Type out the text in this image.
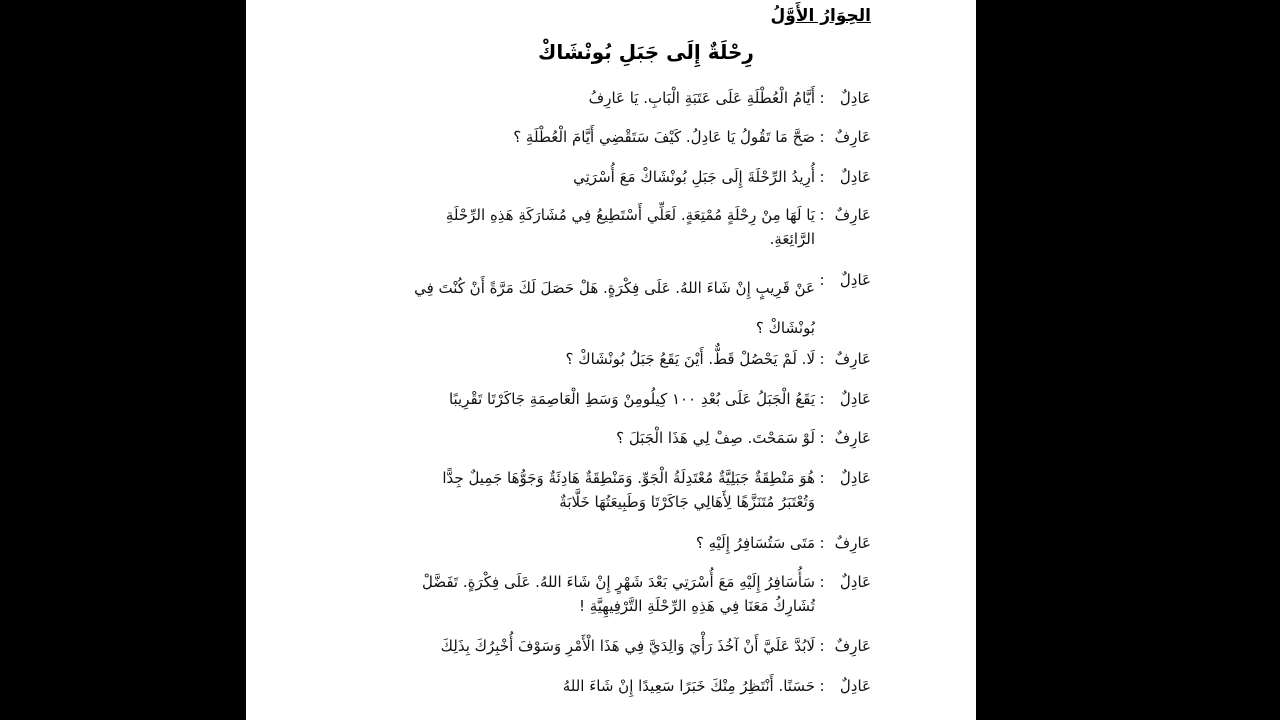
الحِوَارُ الأَوَّلُ
رِحْلَةٌ إِلَى جَبَلِ بُونْشَاكْ
عَادِلٌ
:
أَيَّامُ الْعُطْلَةِ عَلَى عَتَبَةِ الْبَابِ. يَا عَارِفُ
عَارِفٌ
:
صَحَّ مَا تَقُولُ يَا عَادِلُ. كَيْفَ سَتَقْضِي أَيَّامَ الْعُطْلَةِ ؟
عَادِلٌ
:
أُرِيدُ الرِّحْلَةَ إِلَى جَبَلِ بُونْشَاكْ مَعَ أُسْرَتِي
عَارِفٌ
:
يَا لَهَا مِنْ رِحْلَةٍ مُمْتِعَةٍ. لَعَلِّي أَسْتَطِيعُ فِي مُشَارَكَةِ هَذِهِ الرِّحْلَةِ الرَّائِعَةِ.
عَادِلٌ
:
عَنْ قَرِيبٍ إِنْ شَاءَ اللهُ. عَلَى فِكْرَةٍ. هَلْ حَصَلَ لَكَ مَرَّةً أَنْ كُنْتَ فِي بُونْشَاكْ ؟
عَارِفٌ
:
لَا. لَمْ يَحْصُلْ قَطٌّ. أَيْنَ يَقَعُ جَبَلُ بُونْشَاكْ ؟
عَادِلٌ
:
يَقَعُ الْجَبَلُ عَلَى بُعْدِ ١٠٠ كِيلُومِنْ وَسَطِ الْعَاصِمَةِ جَاكَرْتَا تَقْرِيبًا
عَارِفٌ
:
لَوْ سَمَحْتَ. صِفْ لِي هَذَا الْجَبَلَ ؟
عَادِلٌ
:
هُوَ مَنْطِقَةٌ جَبَلِيَّةٌ مُعْتَدِلَةُ الْجَوِّ. وَمَنْطِقَةٌ هَادِئَةٌ وَجَوُّهَا جَمِيلٌ جِدًّا وَتُعْتَبَرُ مُتَنَزَّهًا لِأَهَالِي جَاكَرْتَا وَطَبِيعَتُهَا خَلَّابَةٌ
عَارِفٌ
:
مَتَى سَتُسَافِرُ إِلَيْهِ ؟
عَادِلٌ
:
سَأُسَافِرُ إِلَيْهِ مَعَ أُسْرَتِي بَعْدَ شَهْرٍ إِنْ شَاءَ اللهُ. عَلَى فِكْرَةٍ. تَفَضَّلْ تُشَارِكُ مَعَنَا فِي هَذِهِ الرِّحْلَةِ التَّرْفِيهِيَّةِ !
عَارِفٌ
:
لَابُدَّ عَلَيَّ أَنْ آخُذَ رَأْيَ وَالِدَيَّ فِي هَذَا الْأَمْرِ وَسَوْفَ أُخْبِرُكَ بِذَلِكَ
عَادِلٌ
:
حَسَنًا. أَنْتَظِرُ مِنْكَ خَبَرًا سَعِيدًا إِنْ شَاءَ اللهُ
